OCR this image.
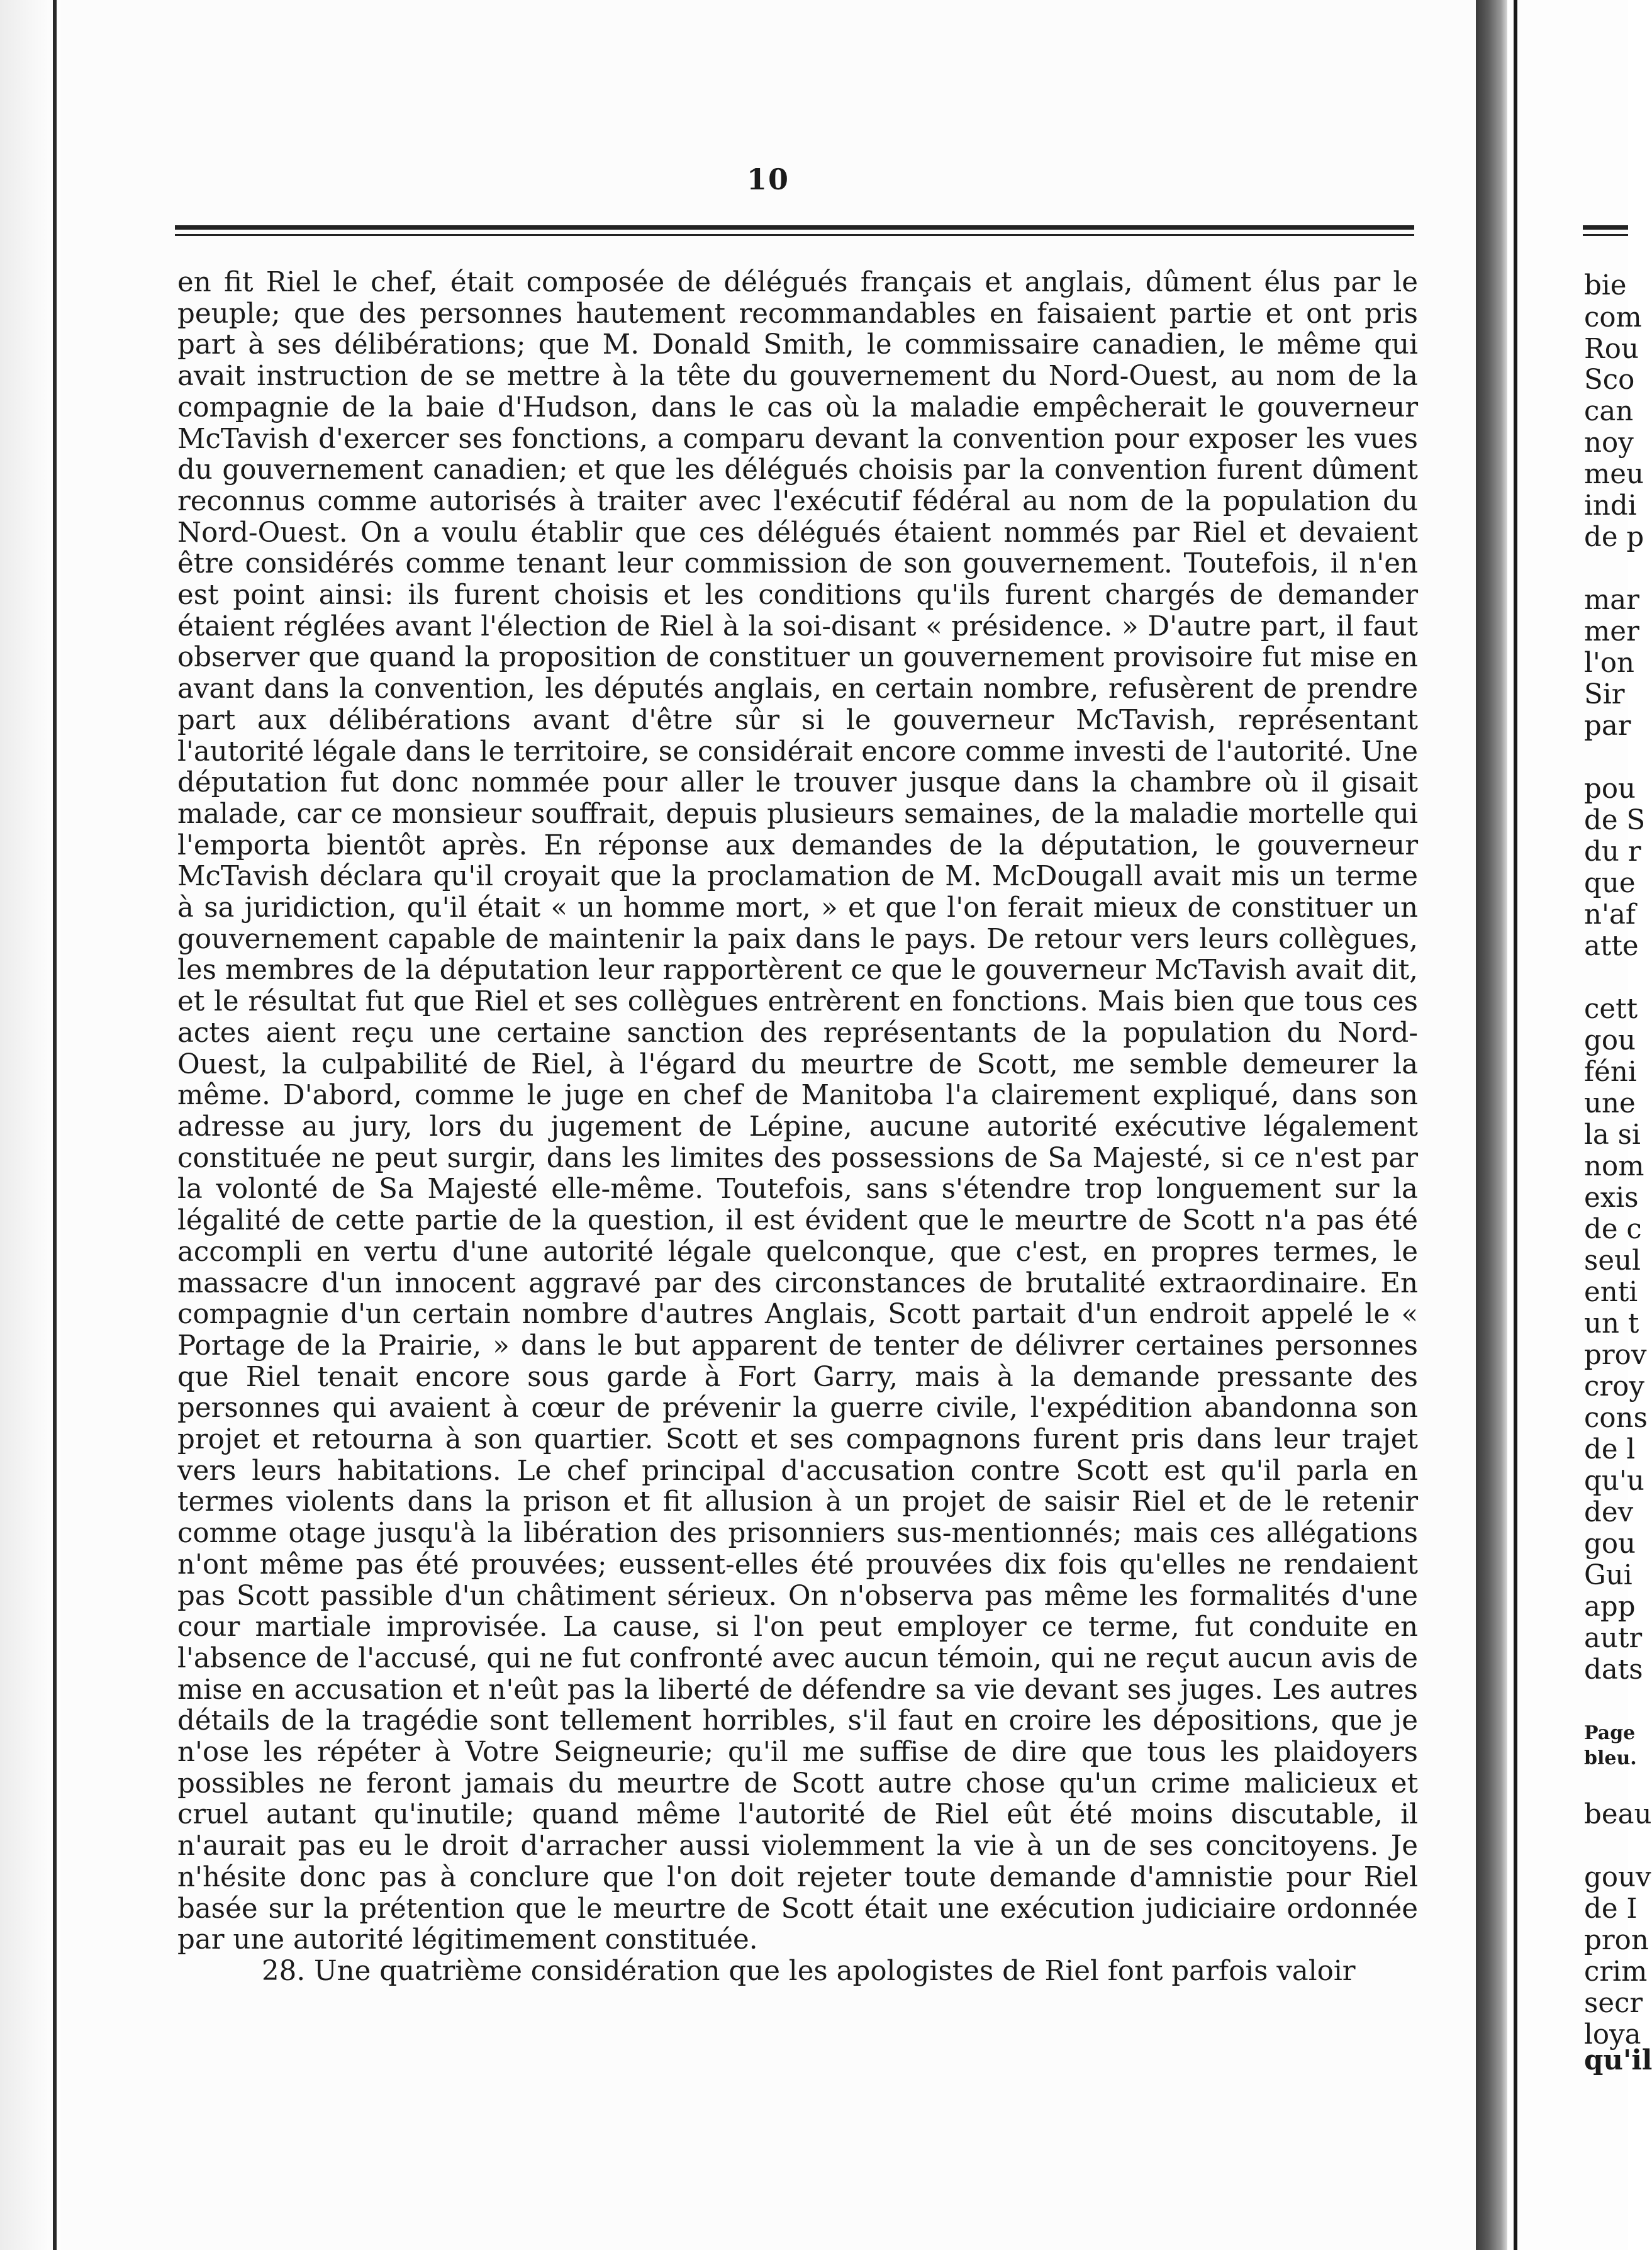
10

en fit Riel le chef, était composée de délégués français et anglais, dûment élus par le peuple; que des personnes hautement recommandables en faisaient partie et ont pris part à ses délibérations; que M. Donald Smith, le commissaire canadien, le même qui avait instruction de se mettre à la tête du gouvernement du Nord-Ouest, au nom de la compagnie de la baie d'Hudson, dans le cas où la maladie empêcherait le gouverneur McTavish d'exercer ses fonctions, a comparu devant la convention pour exposer les vues du gouvernement canadien; et que les délégués choisis par la convention furent dûment reconnus comme autorisés à traiter avec l'exécutif fédéral au nom de la population du Nord-Ouest. On a voulu établir que ces délégués étaient nommés par Riel et devaient être considérés comme tenant leur commission de son gouvernement. Toutefois, il n'en est point ainsi: ils furent choisis et les conditions qu'ils furent chargés de demander étaient réglées avant l'élection de Riel à la soi-disant « présidence. » D'autre part, il faut observer que quand la proposition de constituer un gouvernement provisoire fut mise en avant dans la convention, les députés anglais, en certain nombre, refusèrent de prendre part aux délibérations avant d'être sûr si le gouverneur McTavish, représentant l'autorité légale dans le territoire, se considérait encore comme investi de l'autorité. Une députation fut donc nommée pour aller le trouver jusque dans la chambre où il gisait malade, car ce monsieur souffrait, depuis plusieurs semaines, de la maladie mortelle qui l'emporta bientôt après. En réponse aux demandes de la députation, le gouverneur McTavish déclara qu'il croyait que la proclamation de M. McDougall avait mis un terme à sa juridiction, qu'il était « un homme mort, » et que l'on ferait mieux de constituer un gouvernement capable de maintenir la paix dans le pays. De retour vers leurs collègues, les membres de la députation leur rapportèrent ce que le gouverneur McTavish avait dit, et le résultat fut que Riel et ses collègues entrèrent en fonctions. Mais bien que tous ces actes aient reçu une certaine sanction des représentants de la population du Nord-Ouest, la culpabilité de Riel, à l'égard du meurtre de Scott, me semble demeurer la même. D'abord, comme le juge en chef de Manitoba l'a clairement expliqué, dans son adresse au jury, lors du jugement de Lépine, aucune autorité exécutive légalement constituée ne peut surgir, dans les limites des possessions de Sa Majesté, si ce n'est par la volonté de Sa Majesté elle-même. Toutefois, sans s'étendre trop longuement sur la légalité de cette partie de la question, il est évident que le meurtre de Scott n'a pas été accompli en vertu d'une autorité légale quelconque, que c'est, en propres termes, le massacre d'un innocent aggravé par des circonstances de brutalité extraordinaire. En compagnie d'un certain nombre d'autres Anglais, Scott partait d'un endroit appelé le « Portage de la Prairie, » dans le but apparent de tenter de délivrer certaines personnes que Riel tenait encore sous garde à Fort Garry, mais à la demande pressante des personnes qui avaient à cœur de prévenir la guerre civile, l'expédition abandonna son projet et retourna à son quartier. Scott et ses compagnons furent pris dans leur trajet vers leurs habitations. Le chef principal d'accusation contre Scott est qu'il parla en termes violents dans la prison et fit allusion à un projet de saisir Riel et de le retenir comme otage jusqu'à la libération des prisonniers sus-mentionnés; mais ces allégations n'ont même pas été prouvées; eussent-elles été prouvées dix fois qu'elles ne rendaient pas Scott passible d'un châtiment sérieux. On n'observa pas même les formalités d'une cour martiale improvisée. La cause, si l'on peut employer ce terme, fut conduite en l'absence de l'accusé, qui ne fut confronté avec aucun témoin, qui ne reçut aucun avis de mise en accusation et n'eût pas la liberté de défendre sa vie devant ses juges. Les autres détails de la tragédie sont tellement horribles, s'il faut en croire les dépositions, que je n'ose les répéter à Votre Seigneurie; qu'il me suffise de dire que tous les plaidoyers possibles ne feront jamais du meurtre de Scott autre chose qu'un crime malicieux et cruel autant qu'inutile; quand même l'autorité de Riel eût été moins discutable, il n'aurait pas eu le droit d'arracher aussi violemment la vie à un de ses concitoyens. Je n'hésite donc pas à conclure que l'on doit rejeter toute demande d'amnistie pour Riel basée sur la prétention que le meurtre de Scott était une exécution judiciaire ordonnée par une autorité légitimement constituée.

28. Une quatrième considération que les apologistes de Riel font parfois valoir

bie
com
Rou
Sco
can
noy
meu
indi
de p
mar
mer
l'on
Sir
par
pou
de S
du r
que
n'af
atte
cett
gou
féni
une
la si
nom
exis
de c
seul
enti
un t
prov
croy
cons
de l
qu'u
dev
gou
Gui
app
autr
dats
Page
bleu.
beau
gouv
de I
pron
crim
secr
loya
qu'il
